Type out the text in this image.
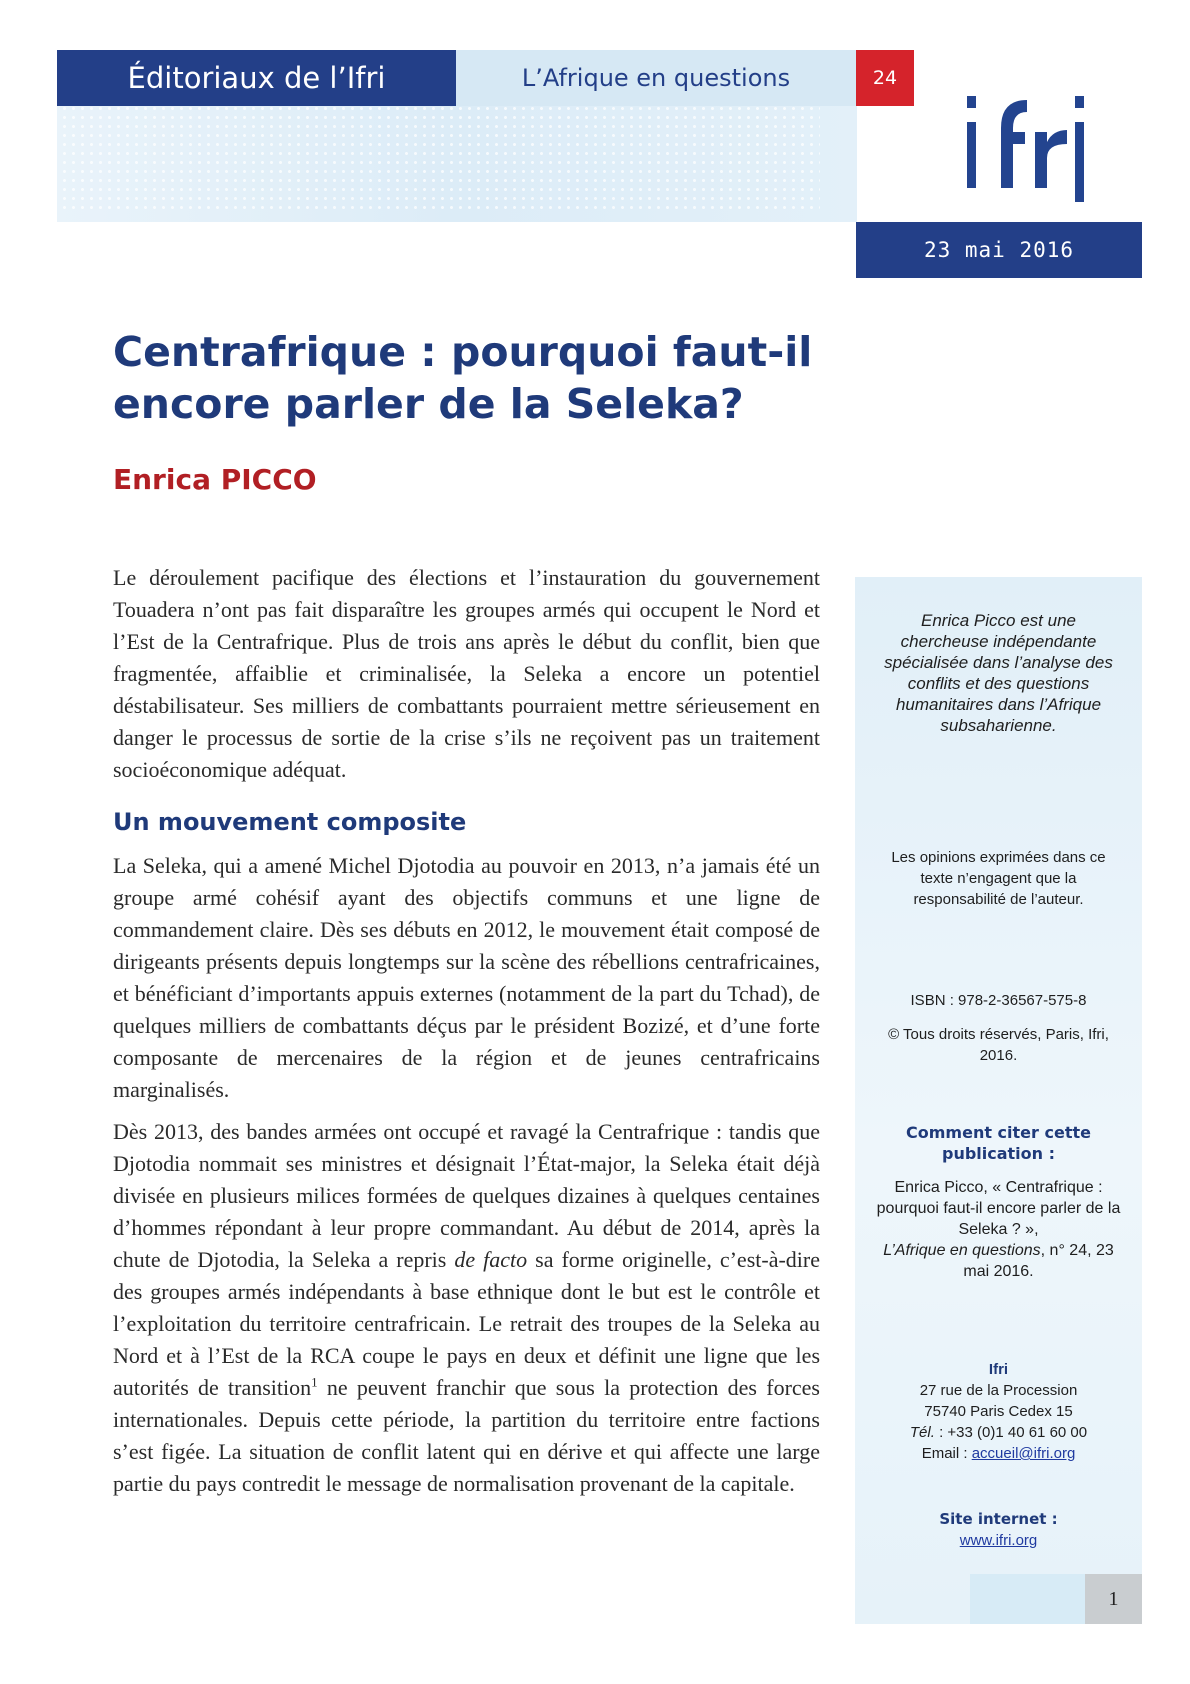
Éditoriaux de l’Ifri	L’Afrique en questions	24
23 mai 2016
Centrafrique : pourquoi faut-il encore parler de la Seleka?
Enrica PICCO

Le déroulement pacifique des élections et l’instauration du gouvernement Touadera n’ont pas fait disparaître les groupes armés qui occupent le Nord et l’Est de la Centrafrique. Plus de trois ans après le début du conflit, bien que fragmentée, affaiblie et criminalisée, la Seleka a encore un potentiel déstabilisateur. Ses milliers de combattants pourraient mettre sérieusement en danger le processus de sortie de la crise s’ils ne reçoivent pas un traitement socioéconomique adéquat.

Un mouvement composite

La Seleka, qui a amené Michel Djotodia au pouvoir en 2013, n’a jamais été un groupe armé cohésif ayant des objectifs communs et une ligne de commandement claire. Dès ses débuts en 2012, le mouvement était composé de dirigeants présents depuis longtemps sur la scène des rébellions centrafricaines, et bénéficiant d’importants appuis externes (notamment de la part du Tchad), de quelques milliers de combattants déçus par le président Bozizé, et d’une forte composante de mercenaires de la région et de jeunes centrafricains marginalisés.

Dès 2013, des bandes armées ont occupé et ravagé la Centrafrique : tandis que Djotodia nommait ses ministres et désignait l’État-major, la Seleka était déjà divisée en plusieurs milices formées de quelques dizaines à quelques centaines d’hommes répondant à leur propre commandant. Au début de 2014, après la chute de Djotodia, la Seleka a repris de facto sa forme originelle, c’est-à-dire des groupes armés indépendants à base ethnique dont le but est le contrôle et l’exploitation du territoire centrafricain. Le retrait des troupes de la Seleka au Nord et à l’Est de la RCA coupe le pays en deux et définit une ligne que les autorités de transition$^1$ ne peuvent franchir que sous la protection des forces internationales. Depuis cette période, la partition du territoire entre factions s’est figée. La situation de conflit latent qui en dérive et qui affecte une large partie du pays contredit le message de normalisation provenant de la capitale.

Enrica Picco est une chercheuse indépendante spécialisée dans l’analyse des conflits et des questions humanitaires dans l’Afrique subsaharienne.
Les opinions exprimées dans ce texte n’engagent que la responsabilité de l’auteur.
ISBN : 978-2-36567-575-8
© Tous droits réservés, Paris, Ifri, 2016.
Comment citer cette publication :
Enrica Picco, « Centrafrique : pourquoi faut-il encore parler de la Seleka ? »,
L’Afrique en questions, n° 24, 23 mai 2016.
Ifri
27 rue de la Procession
75740 Paris Cedex 15
Tél. : +33 (0)1 40 61 60 00
Email : accueil@ifri.org
Site internet :
www.ifri.org
1
